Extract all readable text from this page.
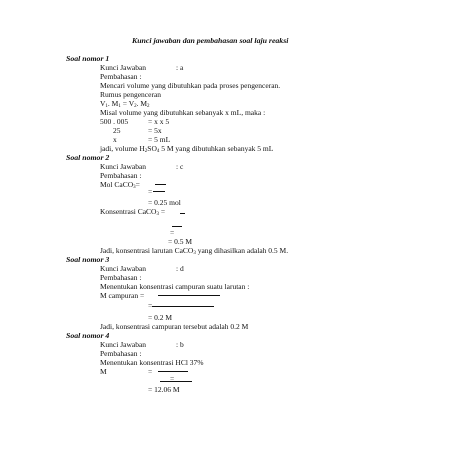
Kunci jawaban dan pembahasan soal laju reaksi
Soal nomor 1
Kunci Jawaban	: a
Pembahasan :
Mencari volume yang dibutuhkan pada proses pengenceran.
Rumus pengenceran
$V_1$. $M_1 = V_2$. $M_2$
Misal volume yang dibutuhkan sebanyak x mL, maka :
500 . 005	= x x 5
25	= 5x
x	= 5 mL
jadi, volume $H_2SO_4$ 5 M yang dibutuhkan sebanyak 5 mL
Soal nomor 2
Kunci Jawaban	: c
Pembahasan :
Mol CaCO$_3$=
=
= 0.25 mol
Konsentrasi CaCO$_3$ =
=
= 0.5 M
Jadi, konsentrasi larutan CaCO$_3$ yang dihasilkan adalah 0.5 M.
Soal nomor 3
Kunci Jawaban	: d
Pembahasan :
Menentukan konsentrasi campuran suatu larutan :
M campuran =
=
= 0.2 M
Jadi, konsentrasi campuran tersebut adalah 0.2 M
Soal nomor 4
Kunci Jawaban	: b
Pembahasan :
Menentukan konsentrasi HCl 37%
M	=
=
= 12.06 M
